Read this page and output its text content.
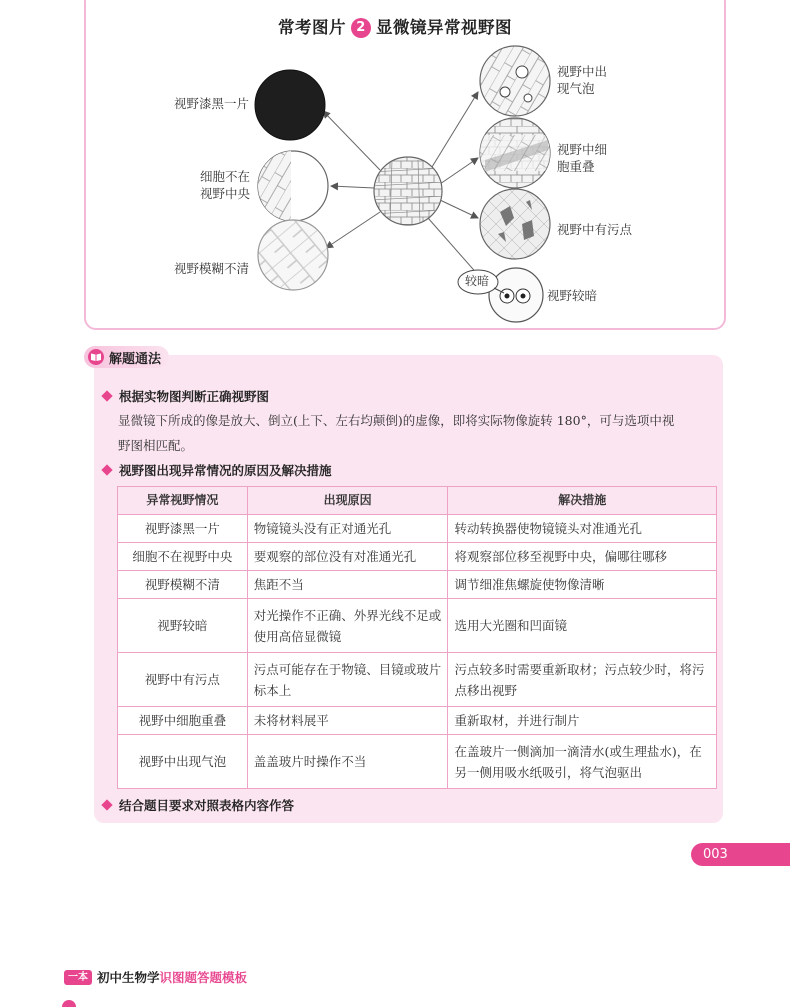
常考图片 2 显微镜异常视野图
视野漆黑一片
细胞不在
视野中央
视野模糊不清
视野中出
现气泡
视野中细
胞重叠
视野中有污点
较暗
视野较暗
解题通法
根据实物图判断正确视野图
显微镜下所成的像是放大、倒立(上下、左右均颠倒)的虚像，即将实际物像旋转 180°，可与选项中视
野图相匹配。
视野图出现异常情况的原因及解决措施
异常视野情况	出现原因	解决措施
视野漆黑一片	物镜镜头没有正对通光孔	转动转换器使物镜镜头对准通光孔
细胞不在视野中央	要观察的部位没有对准通光孔	将观察部位移至视野中央，偏哪往哪移
视野模糊不清	焦距不当	调节细准焦螺旋使物像清晰
视野较暗	对光操作不正确、外界光线不足或使用高倍显微镜	选用大光圈和凹面镜
视野中有污点	污点可能存在于物镜、目镜或玻片标本上	污点较多时需要重新取材；污点较少时，将污点移出视野
视野中细胞重叠	未将材料展平	重新取材，并进行制片
视野中出现气泡	盖盖玻片时操作不当	在盖玻片一侧滴加一滴清水(或生理盐水)，在另一侧用吸水纸吸引，将气泡驱出
结合题目要求对照表格内容作答
003
一本 初中生物学 识图题答题模板
